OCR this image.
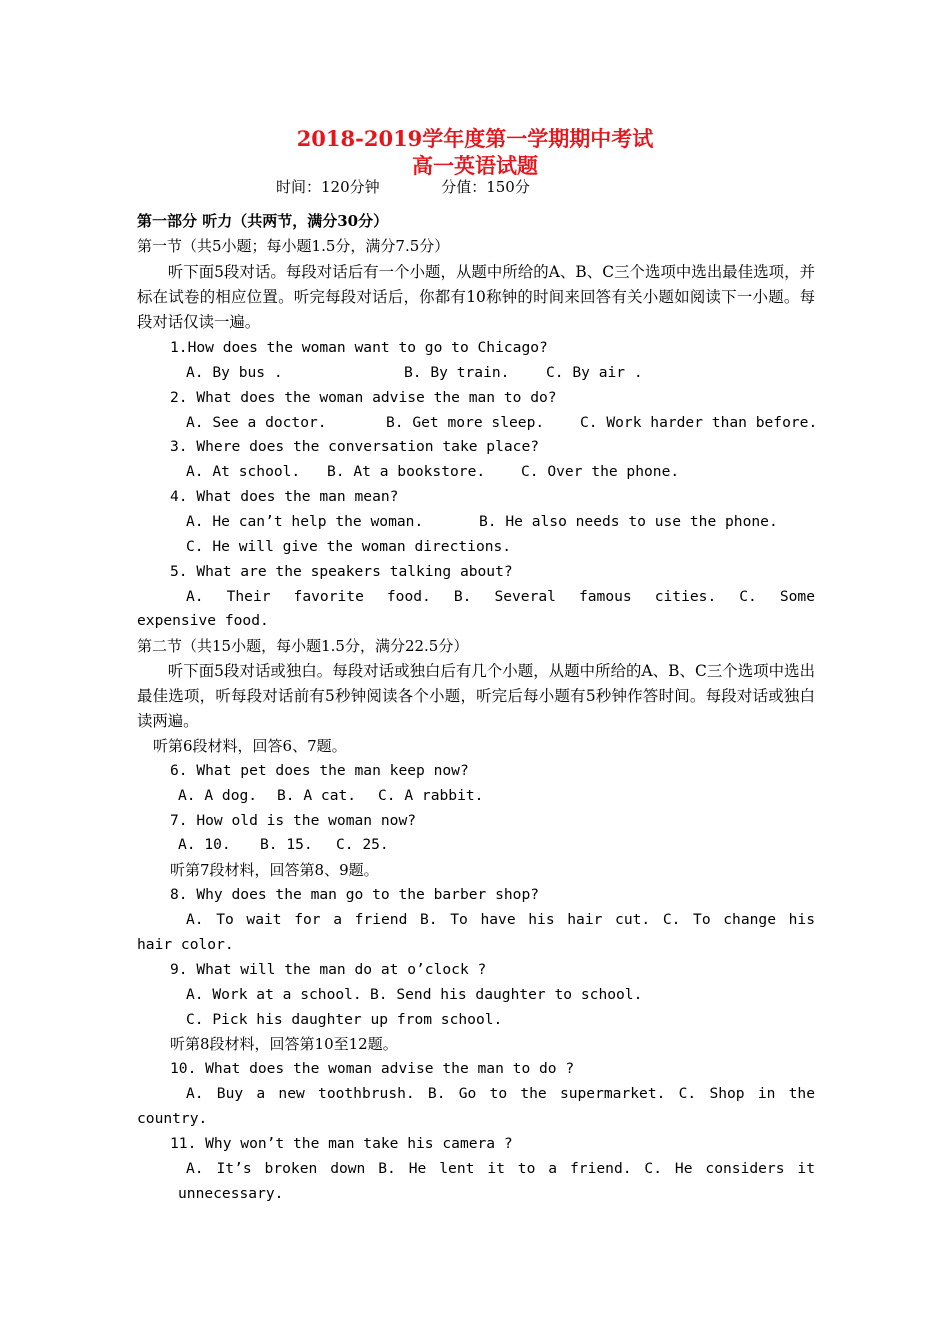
2018-2019学年度第一学期期中考试
高一英语试题
时间：120分钟	分值：150分
第一部分 听力（共两节，满分30分）
第一节（共5小题；每小题1.5分，满分7.5分）
听下面5段对话。每段对话后有一个小题，从题中所给的A、B、C三个选项中选出最佳选项，并标在试卷的相应位置。听完每段对话后，你都有10称钟的时间来回答有关小题如阅读下一小题。每段对话仅读一遍。
1.How does the woman want to go to Chicago?
A. By bus .	B. By train.	C. By air .
2. What does the woman advise the man to do?
A. See a doctor.	B. Get more sleep. C. Work harder than before.
3. Where does the conversation take place?
A. At school. B. At a bookstore. C. Over the phone.
4. What does the man mean?
A. He can’t help the woman.	B. He also needs to use the phone.
C. He will give the woman directions.
5. What are the speakers talking about?
A. Their favorite food. B. Several famous cities. C. Some
expensive food.
第二节（共15小题，每小题1.5分，满分22.5分）
听下面5段对话或独白。每段对话或独白后有几个小题，从题中所给的A、B、C三个选项中选出最佳选项，听每段对话前有5秒钟阅读各个小题，听完后每小题有5秒钟作答时间。每段对话或独白读两遍。
听第6段材料，回答6、7题。
6. What pet does the man keep now?
A. A dog. B. A cat. C. A rabbit.
7. How old is the woman now?
A. 10. B. 15. C. 25.
听第7段材料，回答第8、9题。
8. Why does the man go to the barber shop?
A. To wait for a friend B. To have his hair cut. C. To change his
hair color.
9. What will the man do at o’clock ?
A. Work at a school. B. Send his daughter to school.
C. Pick his daughter up from school.
听第8段材料，回答第10至12题。
10. What does the woman advise the man to do ?
A. Buy a new toothbrush. B. Go to the supermarket. C. Shop in the
country.
11. Why won’t the man take his camera ?
A. It’s broken down B. He lent it to a friend. C. He considers it
unnecessary.
